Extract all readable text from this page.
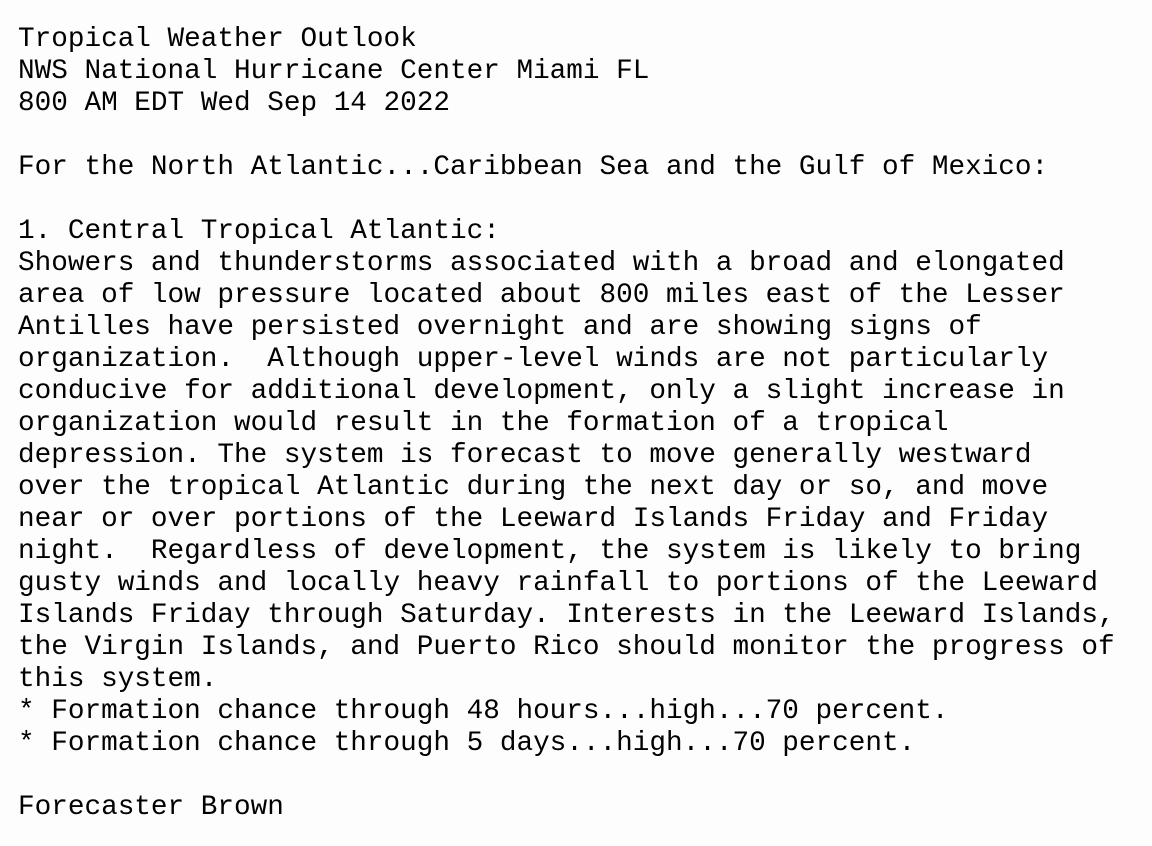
Tropical Weather Outlook
NWS National Hurricane Center Miami FL
800 AM EDT Wed Sep 14 2022
For the North Atlantic...Caribbean Sea and the Gulf of Mexico:
1. Central Tropical Atlantic:
Showers and thunderstorms associated with a broad and elongated
area of low pressure located about 800 miles east of the Lesser
Antilles have persisted overnight and are showing signs of
organization.  Although upper-level winds are not particularly
conducive for additional development, only a slight increase in
organization would result in the formation of a tropical
depression. The system is forecast to move generally westward
over the tropical Atlantic during the next day or so, and move
near or over portions of the Leeward Islands Friday and Friday
night.  Regardless of development, the system is likely to bring
gusty winds and locally heavy rainfall to portions of the Leeward
Islands Friday through Saturday. Interests in the Leeward Islands,
the Virgin Islands, and Puerto Rico should monitor the progress of
this system.
* Formation chance through 48 hours...high...70 percent.
* Formation chance through 5 days...high...70 percent.
Forecaster Brown
